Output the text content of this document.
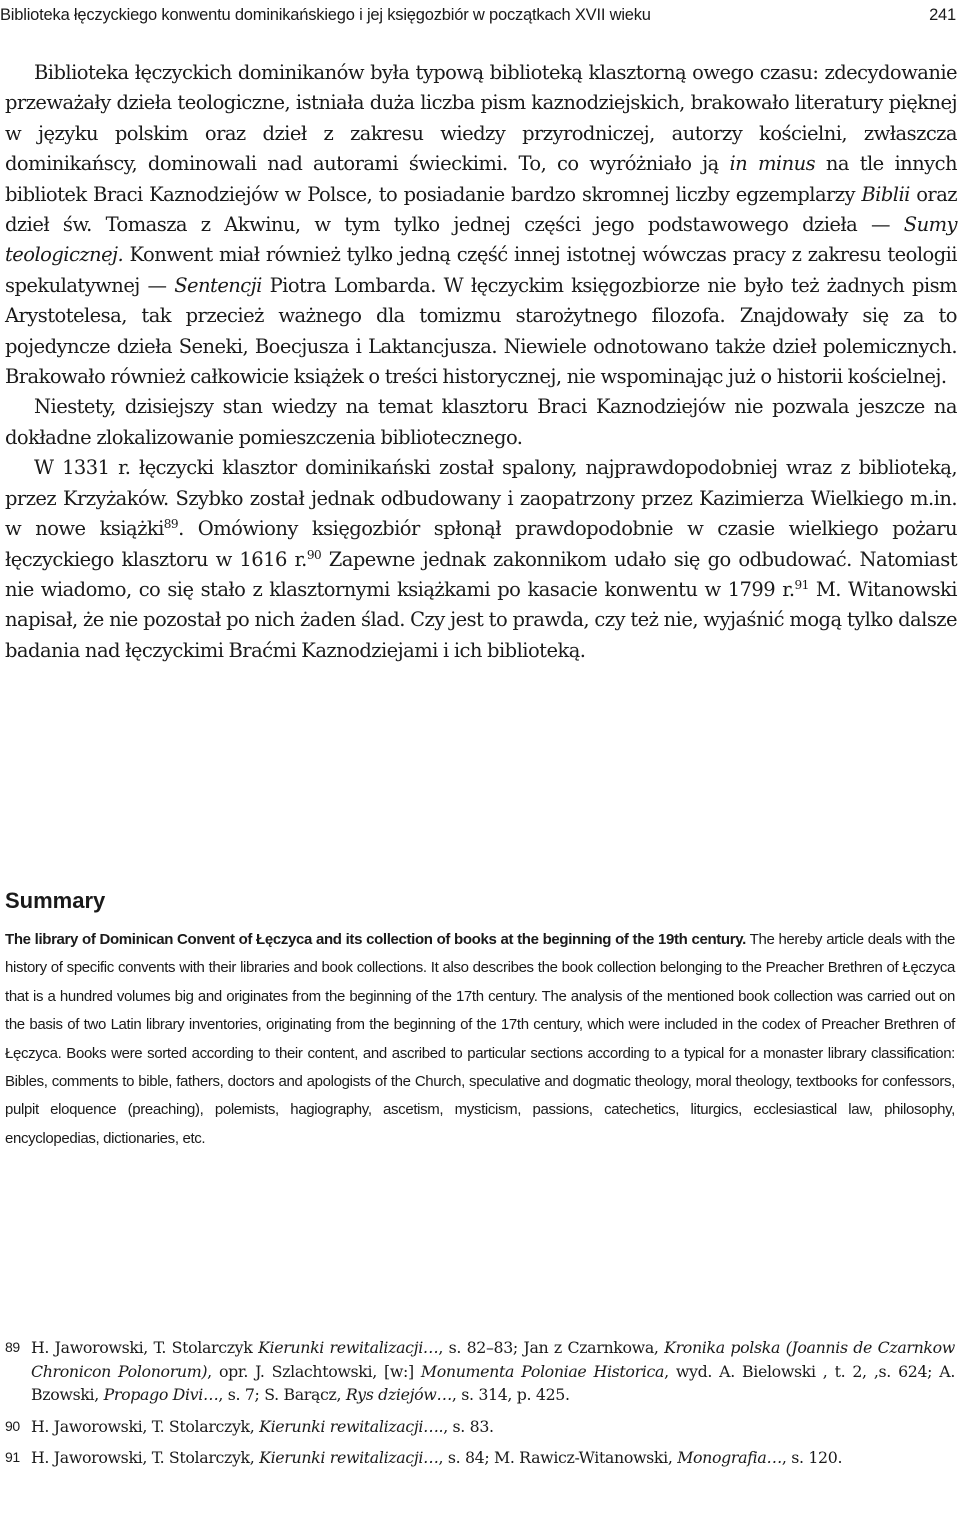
Biblioteka łęczyckiego konwentu dominikańskiego i jej księgozbiór w początkach XVII wieku	241

Biblioteka łęczyckich dominikanów była typową biblioteką klasztorną owego czasu: zdecydowanie przeważały dzieła teologiczne, istniała duża liczba pism kaznodziejskich, brakowało literatury pięknej w języku polskim oraz dzieł z zakresu wiedzy przyrodniczej, autorzy kościelni, zwłaszcza dominikańscy, dominowali nad autorami świeckimi. To, co wyróżniało ją in minus na tle innych bibliotek Braci Kaznodziejów w Polsce, to posiadanie bardzo skromnej liczby egzemplarzy Biblii oraz dzieł św. Tomasza z Akwinu, w tym tylko jednej części jego podstawowego dzieła — Sumy teologicznej. Konwent miał również tylko jedną część innej istotnej wówczas pracy z zakresu teologii spekulatywnej — Sentencji Piotra Lombarda. W łęczyckim księgozbiorze nie było też żadnych pism Arystotelesa, tak przecież ważnego dla tomizmu starożytnego filozofa. Znajdowały się za to pojedyncze dzieła Seneki, Boecjusza i Laktancjusza. Niewiele odnotowano także dzieł polemicznych. Brakowało również całkowicie książek o treści historycznej, nie wspominając już o historii kościelnej.

Niestety, dzisiejszy stan wiedzy na temat klasztoru Braci Kaznodziejów nie pozwala jeszcze na dokładne zlokalizowanie pomieszczenia bibliotecznego.

W 1331 r. łęczycki klasztor dominikański został spalony, najprawdopodobniej wraz z biblioteką, przez Krzyżaków. Szybko został jednak odbudowany i zaopatrzony przez Kazimierza Wielkiego m.in. w nowe książki$^{89}$. Omówiony księgozbiór spłonął prawdopodobnie w czasie wielkiego pożaru łęczyckiego klasztoru w 1616 r.$^{90}$ Zapewne jednak zakonnikom udało się go odbudować. Natomiast nie wiadomo, co się stało z klasztornymi książkami po kasacie konwentu w 1799 r.$^{91}$ M. Witanowski napisał, że nie pozostał po nich żaden ślad. Czy jest to prawda, czy też nie, wyjaśnić mogą tylko dalsze badania nad łęczyckimi Braćmi Kaznodziejami i ich biblioteką.

Summary
The library of Dominican Convent of Łęczyca and its collection of books at the beginning of the 19th century. The hereby article deals with the history of specific convents with their libraries and book collections. It also describes the book collection belonging to the Preacher Brethren of Łęczyca that is a hundred volumes big and originates from the beginning of the 17th century. The analysis of the mentioned book collection was carried out on the basis of two Latin library inventories, originating from the beginning of the 17th century, which were included in the codex of Preacher Brethren of Łęczyca. Books were sorted according to their content, and ascribed to particular sections according to a typical for a monaster library classification: Bibles, comments to bible, fathers, doctors and apologists of the Church, speculative and dogmatic theology, moral theology, textbooks for confessors, pulpit eloquence (preaching), polemists, hagiography, ascetism, mysticism, passions, catechetics, liturgics, ecclesiastical law, philosophy, encyclopedias, dictionaries, etc.
89 H. Jaworowski, T. Stolarczyk Kierunki rewitalizacji…, s. 82–83; Jan z Czarnkowa, Kronika polska (Joannis de Czarnkow Chronicon Polonorum), opr. J. Szlachtowski, [w:] Monumenta Poloniae Historica, wyd. A. Bielowski , t. 2, ,s. 624; A. Bzowski, Propago Divi…, s. 7; S. Barącz, Rys dziejów…, s. 314, p. 425.
90 H. Jaworowski, T. Stolarczyk, Kierunki rewitalizacji…., s. 83.
91 H. Jaworowski, T. Stolarczyk, Kierunki rewitalizacji…, s. 84; M. Rawicz-Witanowski, Monografia…, s. 120.
